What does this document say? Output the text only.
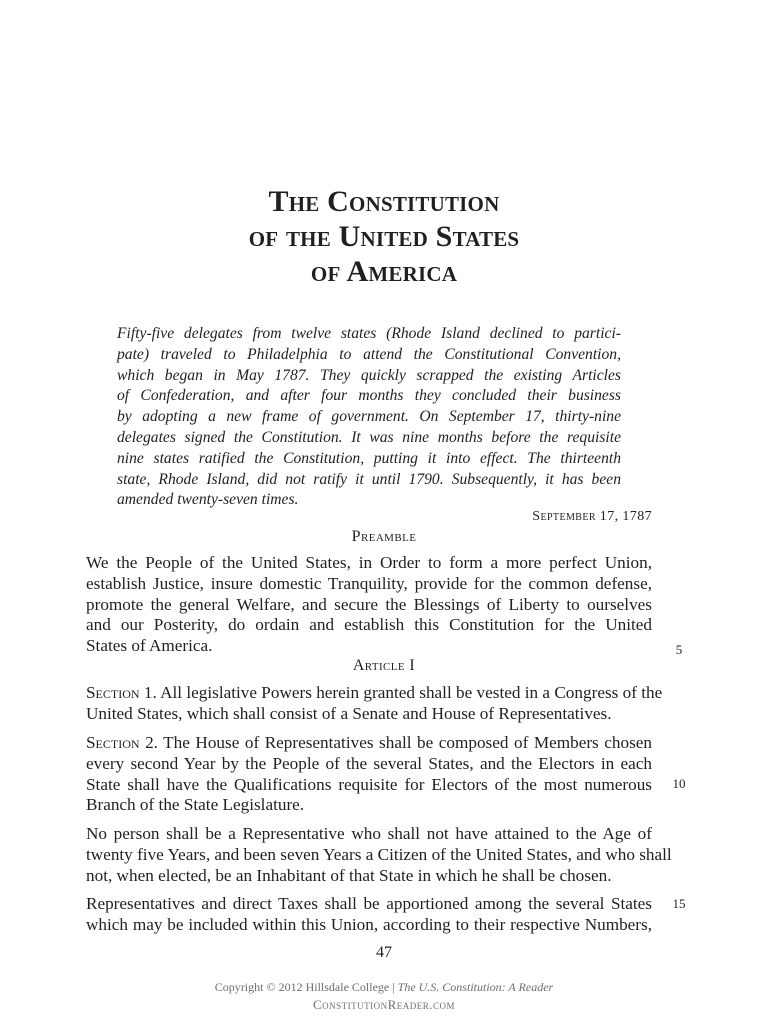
The Constitution
of the United States
of America
Fifty-five delegates from twelve states (Rhode Island declined to partici-
pate) traveled to Philadelphia to attend the Constitutional Convention,
which began in May 1787. They quickly scrapped the existing Articles
of Confederation, and after four months they concluded their business
by adopting a new frame of government. On September 17, thirty-nine
delegates signed the Constitution. It was nine months before the requisite
nine states ratified the Constitution, putting it into effect. The thirteenth
state, Rhode Island, did not ratify it until 1790. Subsequently, it has been
amended twenty-seven times.
September 17, 1787
Preamble
We the People of the United States, in Order to form a more perfect Union,
establish Justice, insure domestic Tranquility, provide for the common defense,
promote the general Welfare, and secure the Blessings of Liberty to ourselves
and our Posterity, do ordain and establish this Constitution for the United
States of America.
Article I
Section 1. All legislative Powers herein granted shall be vested in a Congress of the
United States, which shall consist of a Senate and House of Representatives.
Section 2. The House of Representatives shall be composed of Members chosen
every second Year by the People of the several States, and the Electors in each
State shall have the Qualifications requisite for Electors of the most numerous
Branch of the State Legislature.
No person shall be a Representative who shall not have attained to the Age of
twenty five Years, and been seven Years a Citizen of the United States, and who shall
not, when elected, be an Inhabitant of that State in which he shall be chosen.
Representatives and direct Taxes shall be apportioned among the several States
which may be included within this Union, according to their respective Numbers,
5
10
15
47
Copyright © 2012 Hillsdale College | The U.S. Constitution: A Reader
ConstitutionReader.com
